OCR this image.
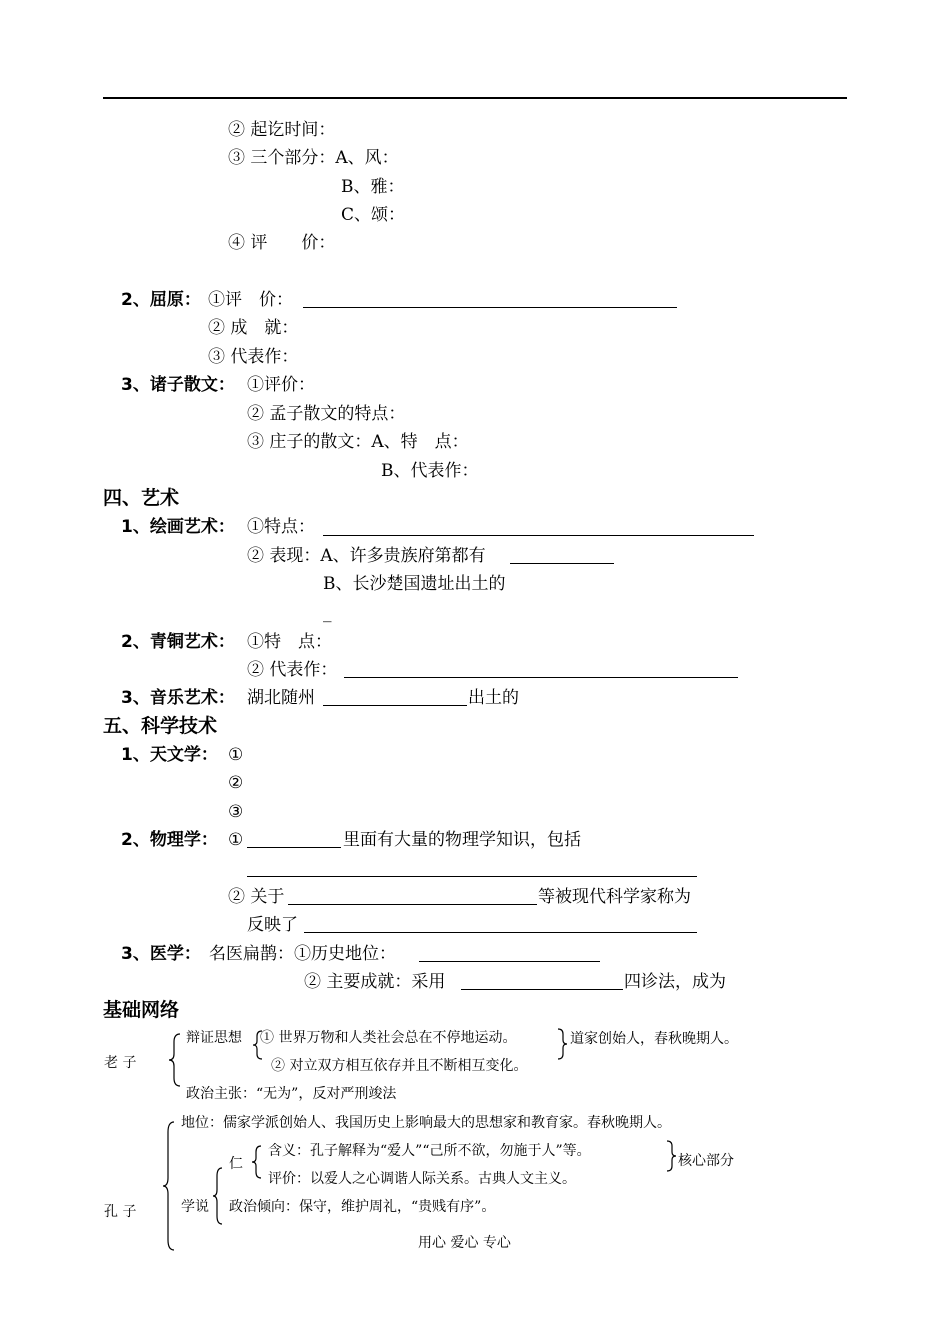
② 起讫时间：
③ 三个部分：A、风：
B、雅：
C、颂：
④ 评　　价：
2、屈原： ①评　价：
② 成　就：
③ 代表作：
3、诸子散文： ①评价：
② 孟子散文的特点：
③ 庄子的散文：A、特　点：
B、代表作：
四、艺术
1、绘画艺术： ①特点：
② 表现：A、许多贵族府第都有
B、长沙楚国遗址出土的
_
2、青铜艺术： ①特　点：
② 代表作：
3、音乐艺术： 湖北随州	出土的
五、科学技术
1、天文学： ①
②
③
2、物理学： ①	里面有大量的物理学知识，包括
② 关于	等被现代科学家称为
反映了
3、医学： 名医扁鹊：①历史地位：
② 主要成就：采用	四诊法，成为
基础网络
老 子
辩证思想 ① 世界万物和人类社会总在不停地运动。
② 对立双方相互依存并且不断相互变化。
道家创始人，春秋晚期人。
政治主张：“无为”，反对严刑竣法
地位：儒家学派创始人、我国历史上影响最大的思想家和教育家。春秋晚期人。
孔 子	学说
仁
含义：孔子解释为“爱人”“己所不欲，勿施于人”等。
评价：以爱人之心调谐人际关系。古典人文主义。
核心部分
政治倾向：保守，维护周礼，“贵贱有序”。
用心 爱心 专心
